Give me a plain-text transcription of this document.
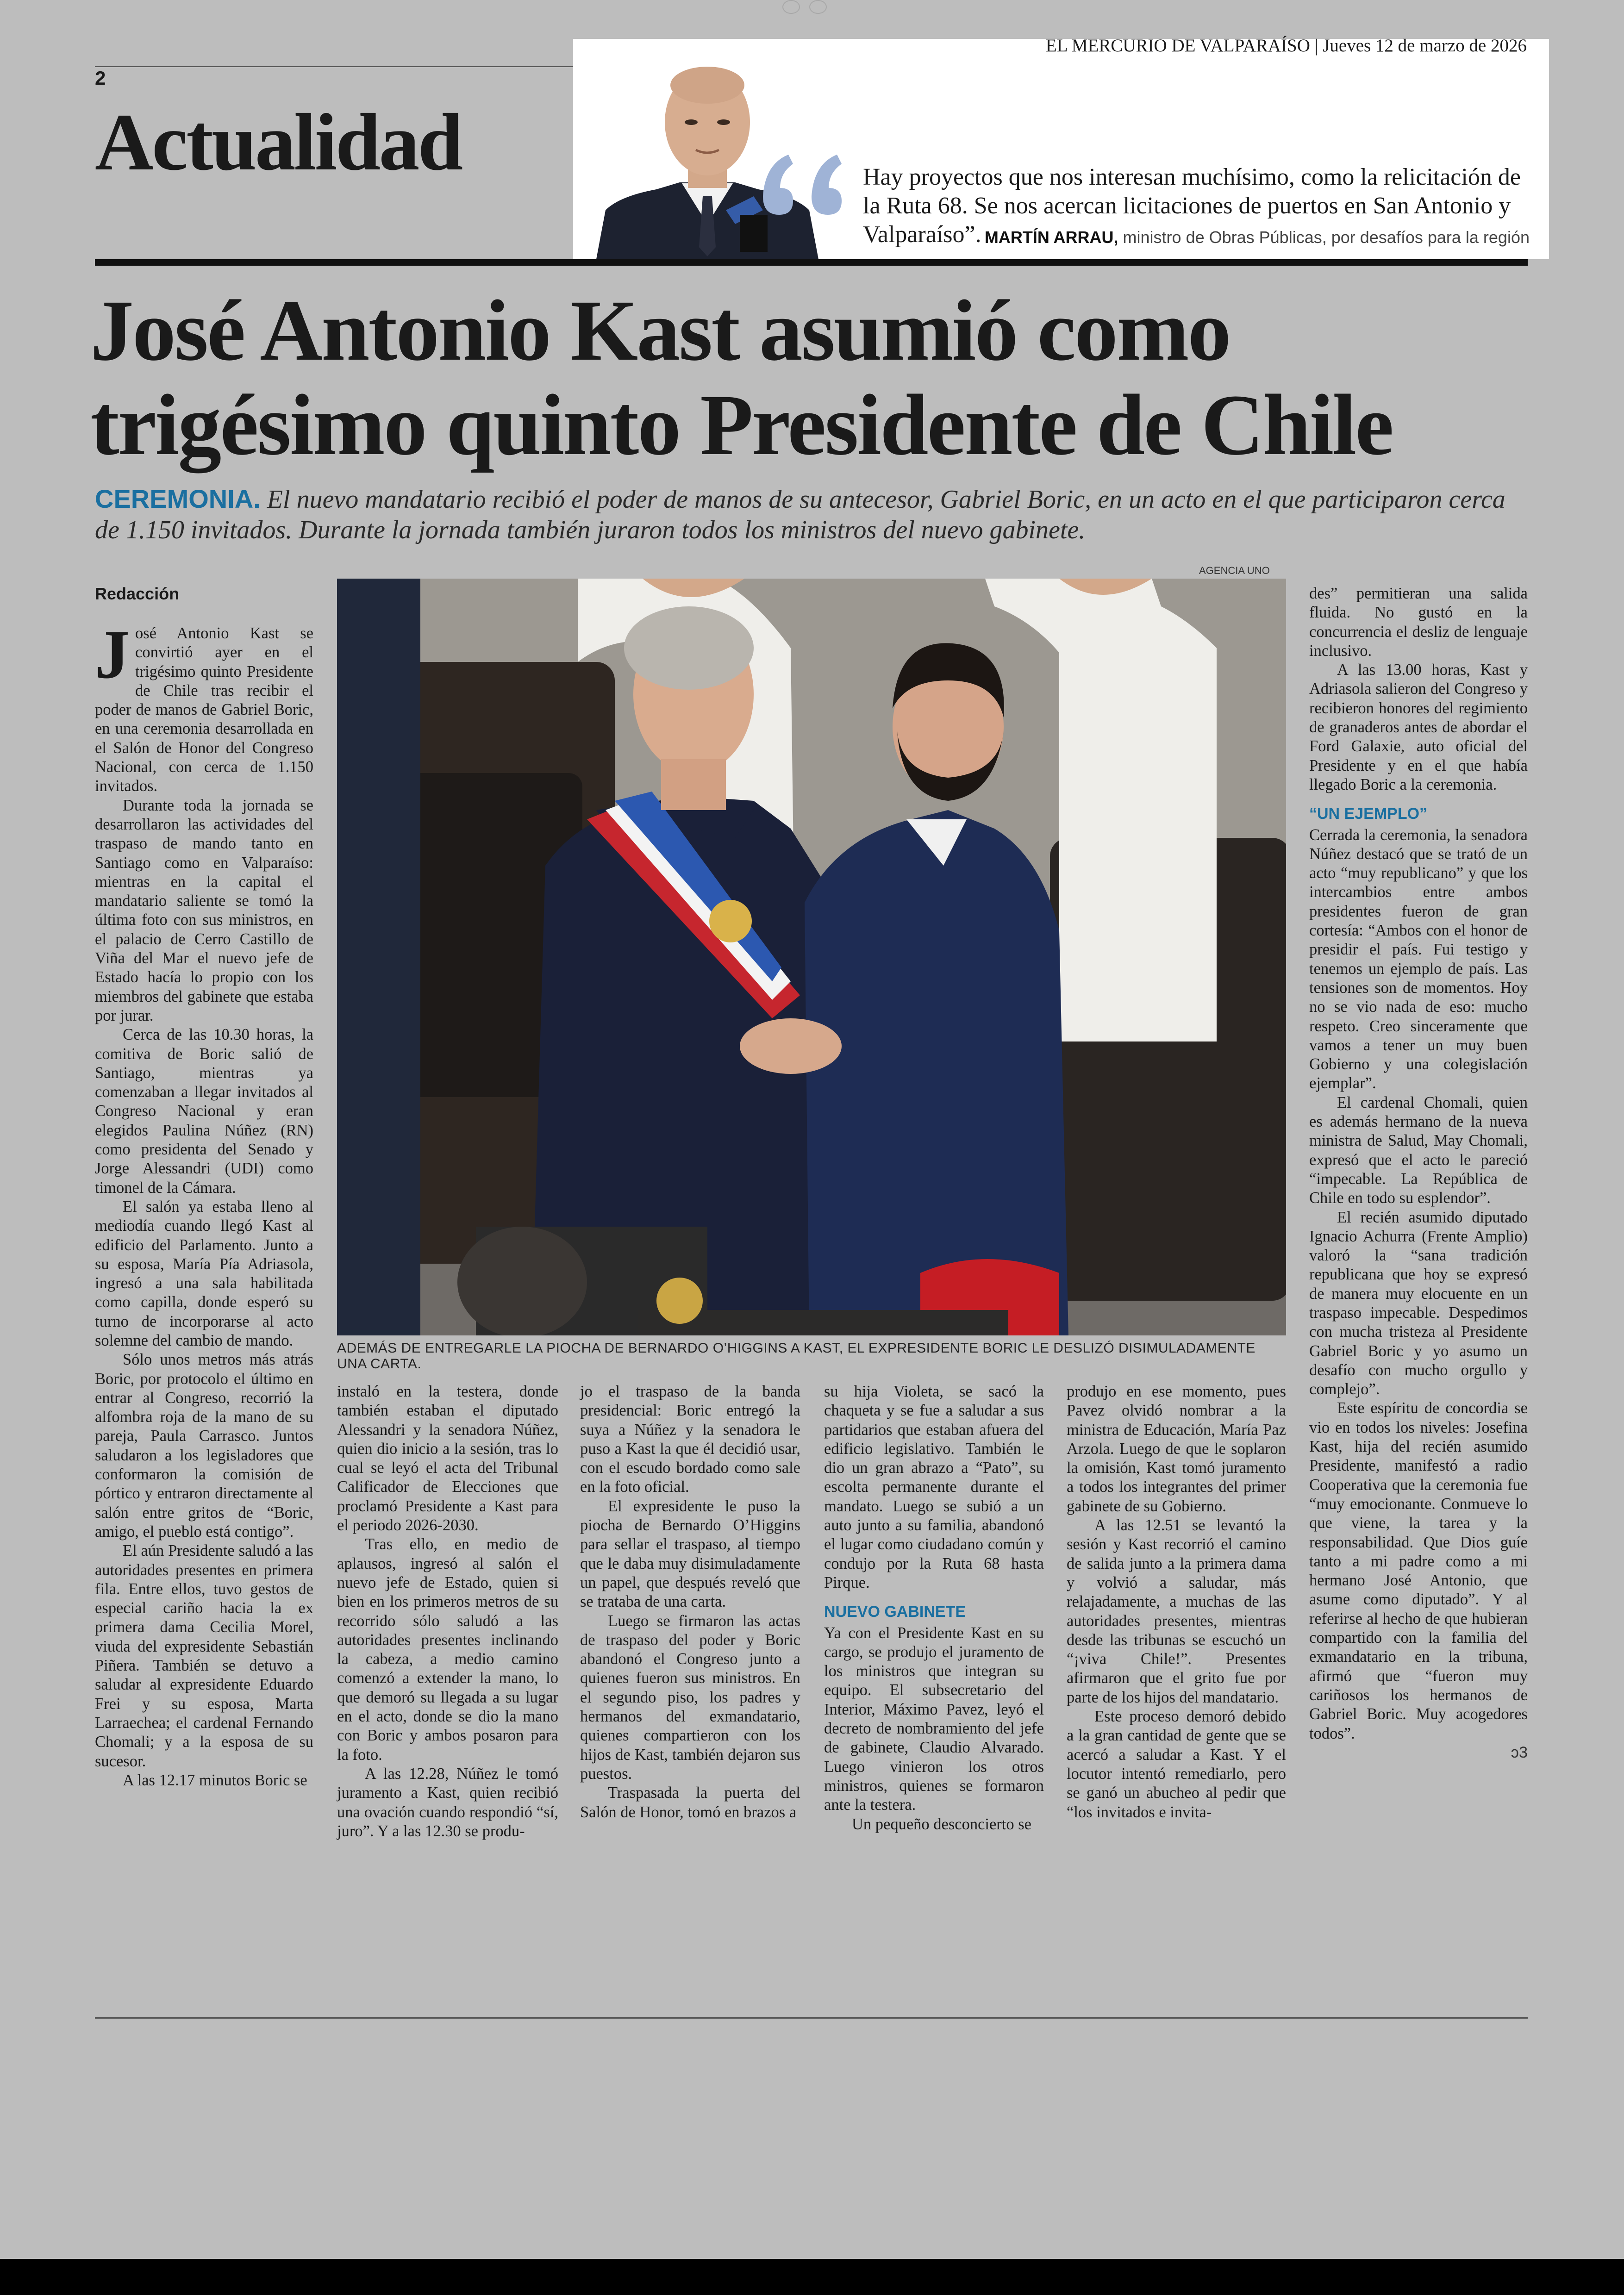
2
Actualidad
EL MERCURIO DE VALPARAÍSO | Jueves 12 de marzo de 2026
Hay proyectos que nos interesan muchísimo, como la relicitación de la Ruta 68. Se nos acercan licitaciones de puertos en San Antonio y Valparaíso”. MARTÍN ARRAU, ministro de Obras Públicas, por desafíos para la región
José Antonio Kast asumió como trigésimo quinto Presidente de Chile
CEREMONIA. El nuevo mandatario recibió el poder de manos de su antecesor, Gabriel Boric, en un acto en el que participaron cerca de 1.150 invitados. Durante la jornada también juraron todos los ministros del nuevo gabinete.
AGENCIA UNO
ADEMÁS DE ENTREGARLE LA PIOCHA DE BERNARDO O’HIGGINS A KAST, EL EXPRESIDENTE BORIC LE DESLIZÓ DISIMULADAMENTE UNA CARTA.
Redacción

José Antonio Kast se convirtió ayer en el trigésimo quinto Presidente de Chile tras recibir el poder de manos de Gabriel Boric, en una ceremonia desarrollada en el Salón de Honor del Congreso Nacional, con cerca de 1.150 invitados.

Durante toda la jornada se desarrollaron las actividades del traspaso de mando tanto en Santiago como en Valparaíso: mientras en la capital el mandatario saliente se tomó la última foto con sus ministros, en el palacio de Cerro Castillo de Viña del Mar el nuevo jefe de Estado hacía lo propio con los miembros del gabinete que estaba por jurar.

Cerca de las 10.30 horas, la comitiva de Boric salió de Santiago, mientras ya comenzaban a llegar invitados al Congreso Nacional y eran elegidos Paulina Núñez (RN) como presidenta del Senado y Jorge Alessandri (UDI) como timonel de la Cámara.

El salón ya estaba lleno al mediodía cuando llegó Kast al edificio del Parlamento. Junto a su esposa, María Pía Adriasola, ingresó a una sala habilitada como capilla, donde esperó su turno de incorporarse al acto solemne del cambio de mando.

Sólo unos metros más atrás Boric, por protocolo el último en entrar al Congreso, recorrió la alfombra roja de la mano de su pareja, Paula Carrasco. Juntos saludaron a los legisladores que conformaron la comisión de pórtico y entraron directamente al salón entre gritos de “Boric, amigo, el pueblo está contigo”.

El aún Presidente saludó a las autoridades presentes en primera fila. Entre ellos, tuvo gestos de especial cariño hacia la ex primera dama Cecilia Morel, viuda del expresidente Sebastián Piñera. También se detuvo a saludar al expresidente Eduardo Frei y su esposa, Marta Larraechea; el cardenal Fernando Chomali; y a la esposa de su sucesor.

A las 12.17 minutos Boric se

instaló en la testera, donde también estaban el diputado Alessandri y la senadora Núñez, quien dio inicio a la sesión, tras lo cual se leyó el acta del Tribunal Calificador de Elecciones que proclamó Presidente a Kast para el periodo 2026-2030.

Tras ello, en medio de aplausos, ingresó al salón el nuevo jefe de Estado, quien si bien en los primeros metros de su recorrido sólo saludó a las autoridades presentes inclinando la cabeza, a medio camino comenzó a extender la mano, lo que demoró su llegada a su lugar en el acto, donde se dio la mano con Boric y ambos posaron para la foto.

A las 12.28, Núñez le tomó juramento a Kast, quien recibió una ovación cuando respondió “sí, juro”. Y a las 12.30 se produ-

jo el traspaso de la banda presidencial: Boric entregó la suya a Núñez y la senadora le puso a Kast la que él decidió usar, con el escudo bordado como sale en la foto oficial.

El expresidente le puso la piocha de Bernardo O’Higgins para sellar el traspaso, al tiempo que le daba muy disimuladamente un papel, que después reveló que se trataba de una carta.

Luego se firmaron las actas de traspaso del poder y Boric abandonó el Congreso junto a quienes fueron sus ministros. En el segundo piso, los padres y hermanos del exmandatario, quienes compartieron con los hijos de Kast, también dejaron sus puestos.

Traspasada la puerta del Salón de Honor, tomó en brazos a

su hija Violeta, se sacó la chaqueta y se fue a saludar a sus partidarios que estaban afuera del edificio legislativo. También le dio un gran abrazo a “Pato”, su escolta permanente durante el mandato. Luego se subió a un auto junto a su familia, abandonó el lugar como ciudadano común y condujo por la Ruta 68 hasta Pirque.

NUEVO GABINETE

Ya con el Presidente Kast en su cargo, se produjo el juramento de los ministros que integran su equipo. El subsecretario del Interior, Máximo Pavez, leyó el decreto de nombramiento del jefe de gabinete, Claudio Alvarado. Luego vinieron los otros ministros, quienes se formaron ante la testera.

Un pequeño desconcierto se

produjo en ese momento, pues Pavez olvidó nombrar a la ministra de Educación, María Paz Arzola. Luego de que le soplaron la omisión, Kast tomó juramento a todos los integrantes del primer gabinete de su Gobierno.

A las 12.51 se levantó la sesión y Kast recorrió el camino de salida junto a la primera dama y volvió a saludar, más relajadamente, a muchas de las autoridades presentes, mientras desde las tribunas se escuchó un “¡viva Chile!”. Presentes afirmaron que el grito fue por parte de los hijos del mandatario.

Este proceso demoró debido a la gran cantidad de gente que se acercó a saludar a Kast. Y el locutor intentó remediarlo, pero se ganó un abucheo al pedir que “los invitados e invita-

des” permitieran una salida fluida. No gustó en la concurrencia el desliz de lenguaje inclusivo.

A las 13.00 horas, Kast y Adriasola salieron del Congreso y recibieron honores del regimiento de granaderos antes de abordar el Ford Galaxie, auto oficial del Presidente y en el que había llegado Boric a la ceremonia.

“UN EJEMPLO”

Cerrada la ceremonia, la senadora Núñez destacó que se trató de un acto “muy republicano” y que los intercambios entre ambos presidentes fueron de gran cortesía: “Ambos con el honor de presidir el país. Fui testigo y tenemos un ejemplo de país. Las tensiones son de momentos. Hoy no se vio nada de eso: mucho respeto. Creo sinceramente que vamos a tener un muy buen Gobierno y una colegislación ejemplar”.

El cardenal Chomali, quien es además hermano de la nueva ministra de Salud, May Chomali, expresó que el acto le pareció “impecable. La República de Chile en todo su esplendor”.

El recién asumido diputado Ignacio Achurra (Frente Amplio) valoró la “sana tradición republicana que hoy se expresó de manera muy elocuente en un traspaso impecable. Despedimos con mucha tristeza al Presidente Gabriel Boric y yo asumo un desafío con mucho orgullo y complejo”.

Este espíritu de concordia se vio en todos los niveles: Josefina Kast, hija del recién asumido Presidente, manifestó a radio Cooperativa que la ceremonia fue “muy emocionante. Conmueve lo que viene, la tarea y la responsabilidad. Que Dios guíe tanto a mi padre como a mi hermano José Antonio, que asume como diputado”. Y al referirse al hecho de que hubieran compartido con la familia del exmandatario en la tribuna, afirmó que “fueron muy cariñosos los hermanos de Gabriel Boric. Muy acogedores todos”.

ↄ3
